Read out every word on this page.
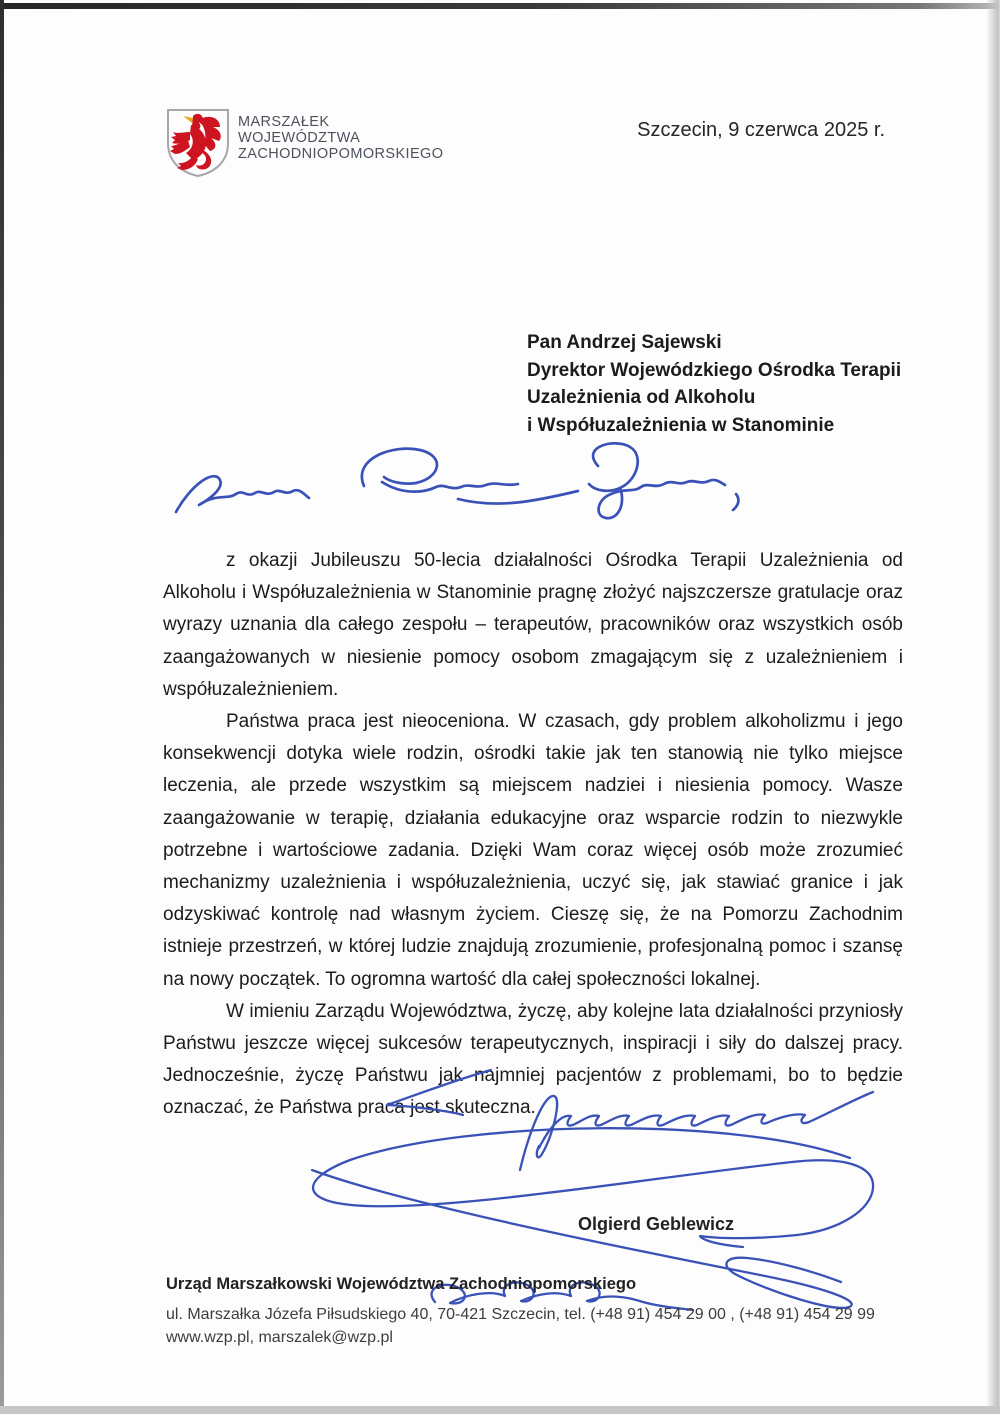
MARSZAŁEK
WOJEWÓDZTWA
ZACHODNIOPOMORSKIEGO
Szczecin, 9 czerwca 2025 r.
Pan Andrzej Sajewski
Dyrektor Wojewódzkiego Ośrodka Terapii
Uzależnienia od Alkoholu
i Współuzależnienia w Stanominie

z okazji Jubileuszu 50-lecia działalności Ośrodka Terapii Uzależnienia od Alkoholu i Współuzależnienia w Stanominie pragnę złożyć najszczersze gratulacje oraz wyrazy uznania dla całego zespołu – terapeutów, pracowników oraz wszystkich osób zaangażowanych w niesienie pomocy osobom zmagającym się z uzależnieniem i współuzależnieniem.

Państwa praca jest nieoceniona. W czasach, gdy problem alkoholizmu i jego konsekwencji dotyka wiele rodzin, ośrodki takie jak ten stanowią nie tylko miejsce leczenia, ale przede wszystkim są miejscem nadziei i niesienia pomocy. Wasze zaangażowanie w terapię, działania edukacyjne oraz wsparcie rodzin to niezwykle potrzebne i wartościowe zadania. Dzięki Wam coraz więcej osób może zrozumieć mechanizmy uzależnienia i współuzależnienia, uczyć się, jak stawiać granice i jak odzyskiwać kontrolę nad własnym życiem. Cieszę się, że na Pomorzu Zachodnim istnieje przestrzeń, w której ludzie znajdują zrozumienie, profesjonalną pomoc i szansę na nowy początek. To ogromna wartość dla całej społeczności lokalnej.

W imieniu Zarządu Województwa, życzę, aby kolejne lata działalności przyniosły Państwu jeszcze więcej sukcesów terapeutycznych, inspiracji i siły do dalszej pracy. Jednocześnie, życzę Państwu jak najmniej pacjentów z problemami, bo to będzie oznaczać, że Państwa praca jest skuteczna.

Olgierd Geblewicz
Urząd Marszałkowski Województwa Zachodniopomorskiego
ul. Marszałka Józefa Piłsudskiego 40, 70-421 Szczecin, tel. (+48 91) 454 29 00 , (+48 91) 454 29 99
www.wzp.pl, marszalek@wzp.pl
